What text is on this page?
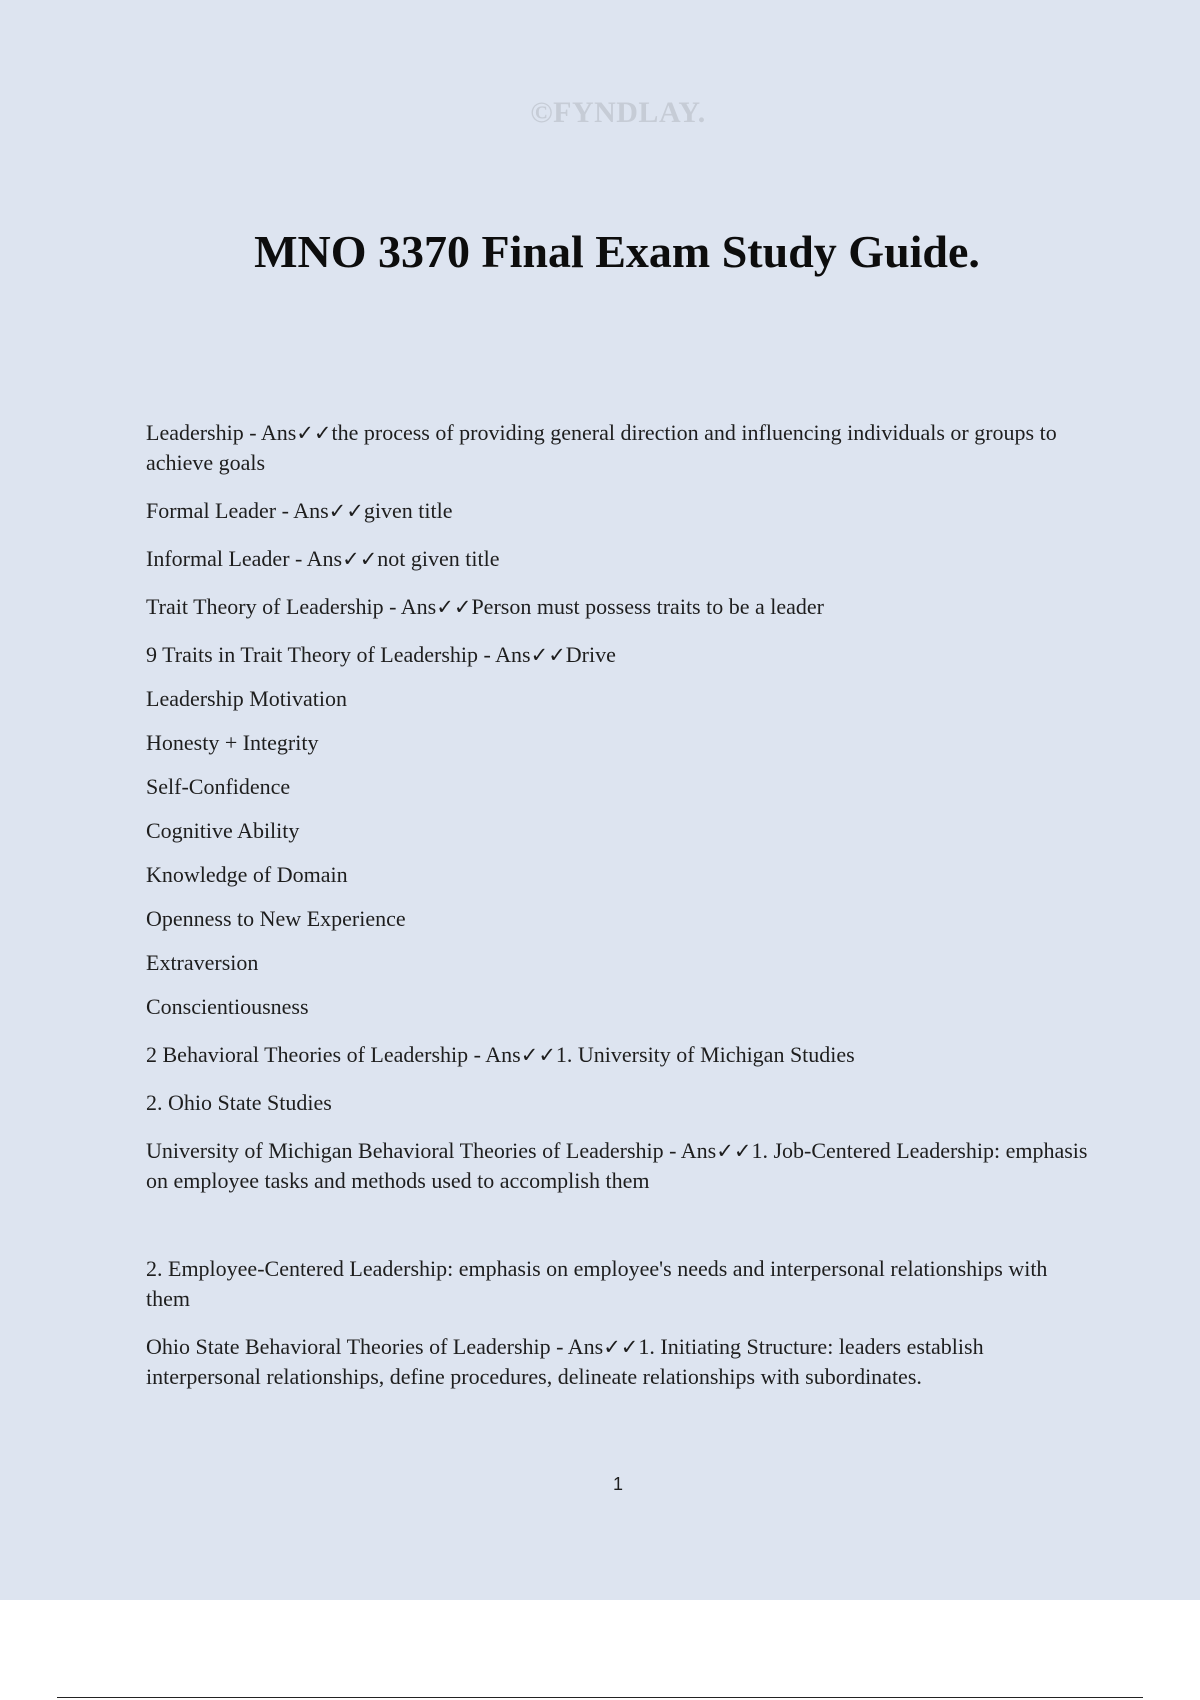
©FYNDLAY.
MNO 3370 Final Exam Study Guide.

Leadership - Ans✓✓the process of providing general direction and influencing individuals or groups to achieve goals

Formal Leader - Ans✓✓given title

Informal Leader - Ans✓✓not given title

Trait Theory of Leadership - Ans✓✓Person must possess traits to be a leader

9 Traits in Trait Theory of Leadership - Ans✓✓Drive

Leadership Motivation

Honesty + Integrity

Self-Confidence

Cognitive Ability

Knowledge of Domain

Openness to New Experience

Extraversion

Conscientiousness

2 Behavioral Theories of Leadership - Ans✓✓1. University of Michigan Studies

2. Ohio State Studies

University of Michigan Behavioral Theories of Leadership - Ans✓✓1. Job-Centered Leadership: emphasis on employee tasks and methods used to accomplish them

2. Employee-Centered Leadership: emphasis on employee's needs and interpersonal relationships with them

Ohio State Behavioral Theories of Leadership - Ans✓✓1. Initiating Structure: leaders establish interpersonal relationships, define procedures, delineate relationships with subordinates.

1
